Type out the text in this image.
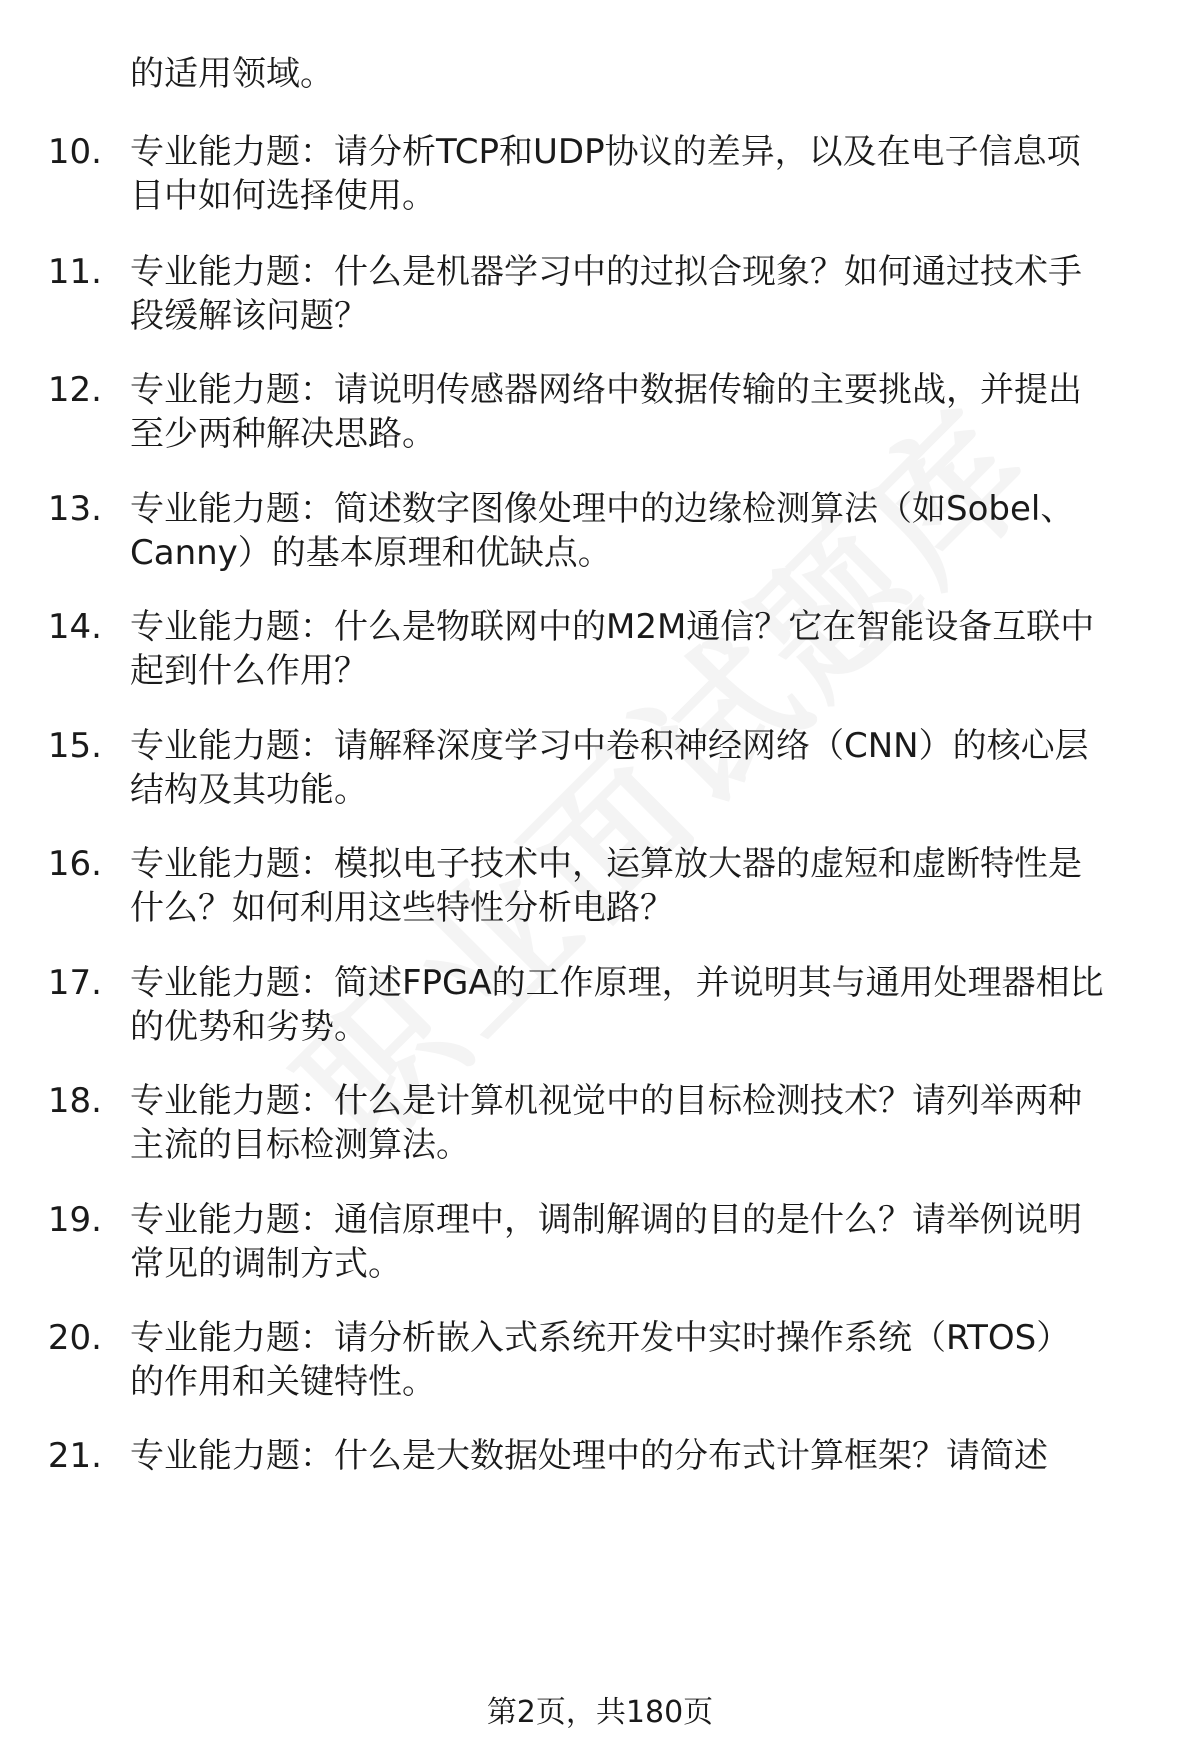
的适用领域。
10. 专业能力题：请分析TCP和UDP协议的差异，以及在电子信息项
目中如何选择使用。
11. 专业能力题：什么是机器学习中的过拟合现象？如何通过技术手
段缓解该问题？
12. 专业能力题：请说明传感器网络中数据传输的主要挑战，并提出
至少两种解决思路。
13. 专业能力题：简述数字图像处理中的边缘检测算法（如Sobel、
Canny）的基本原理和优缺点。
14. 专业能力题：什么是物联网中的M2M通信？它在智能设备互联中
起到什么作用？
15. 专业能力题：请解释深度学习中卷积神经网络（CNN）的核心层
结构及其功能。
16. 专业能力题：模拟电子技术中，运算放大器的虚短和虚断特性是
什么？如何利用这些特性分析电路？
17. 专业能力题：简述FPGA的工作原理，并说明其与通用处理器相比
的优势和劣势。
18. 专业能力题：什么是计算机视觉中的目标检测技术？请列举两种
主流的目标检测算法。
19. 专业能力题：通信原理中，调制解调的目的是什么？请举例说明
常见的调制方式。
20. 专业能力题：请分析嵌入式系统开发中实时操作系统（RTOS）
的作用和关键特性。
21. 专业能力题：什么是大数据处理中的分布式计算框架？请简述
第2页，共180页
